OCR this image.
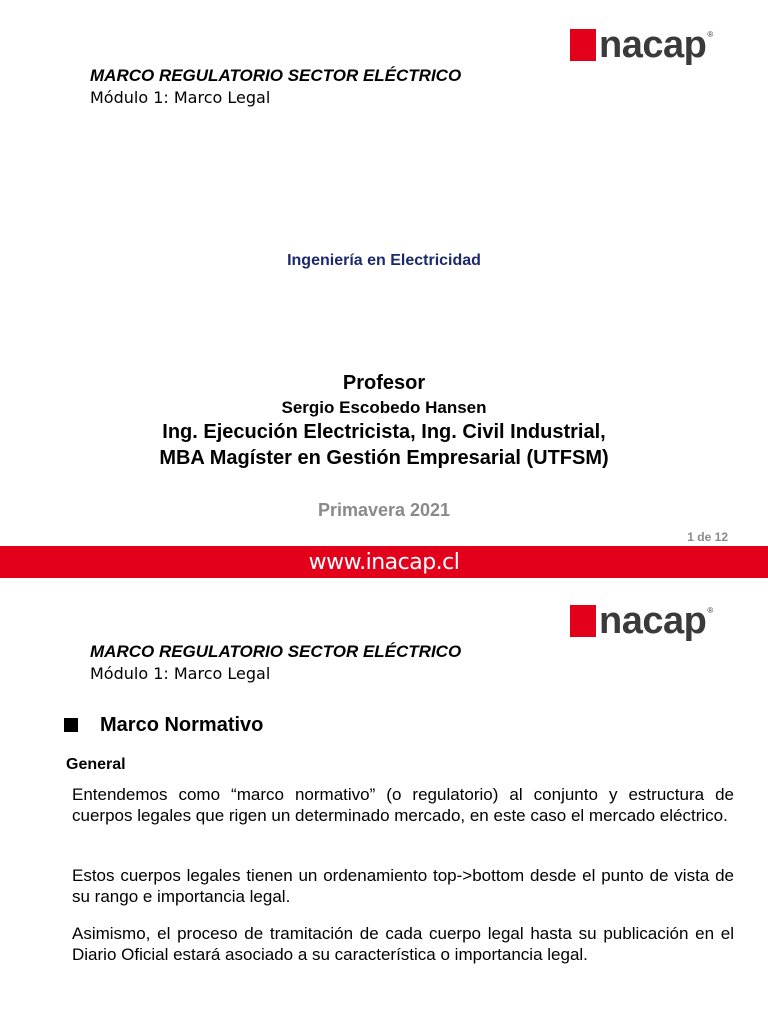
nacap ®
MARCO REGULATORIO SECTOR ELÉCTRICO
Módulo 1: Marco Legal
Ingeniería en Electricidad
Profesor
Sergio Escobedo Hansen
Ing. Ejecución Electricista, Ing. Civil Industrial,
MBA Magíster en Gestión Empresarial (UTFSM)
Primavera 2021
1 de 12
www.inacap.cl
nacap ®
MARCO REGULATORIO SECTOR ELÉCTRICO
Módulo 1: Marco Legal
Marco Normativo
General
Entendemos como “marco normativo” (o regulatorio) al conjunto y estructura de cuerpos legales que rigen un determinado mercado, en este caso el mercado eléctrico.
Estos cuerpos legales tienen un ordenamiento top->bottom desde el punto de vista de su rango e importancia legal.
Asimismo, el proceso de tramitación de cada cuerpo legal hasta su publicación en el Diario Oficial estará asociado a su característica o importancia legal.
